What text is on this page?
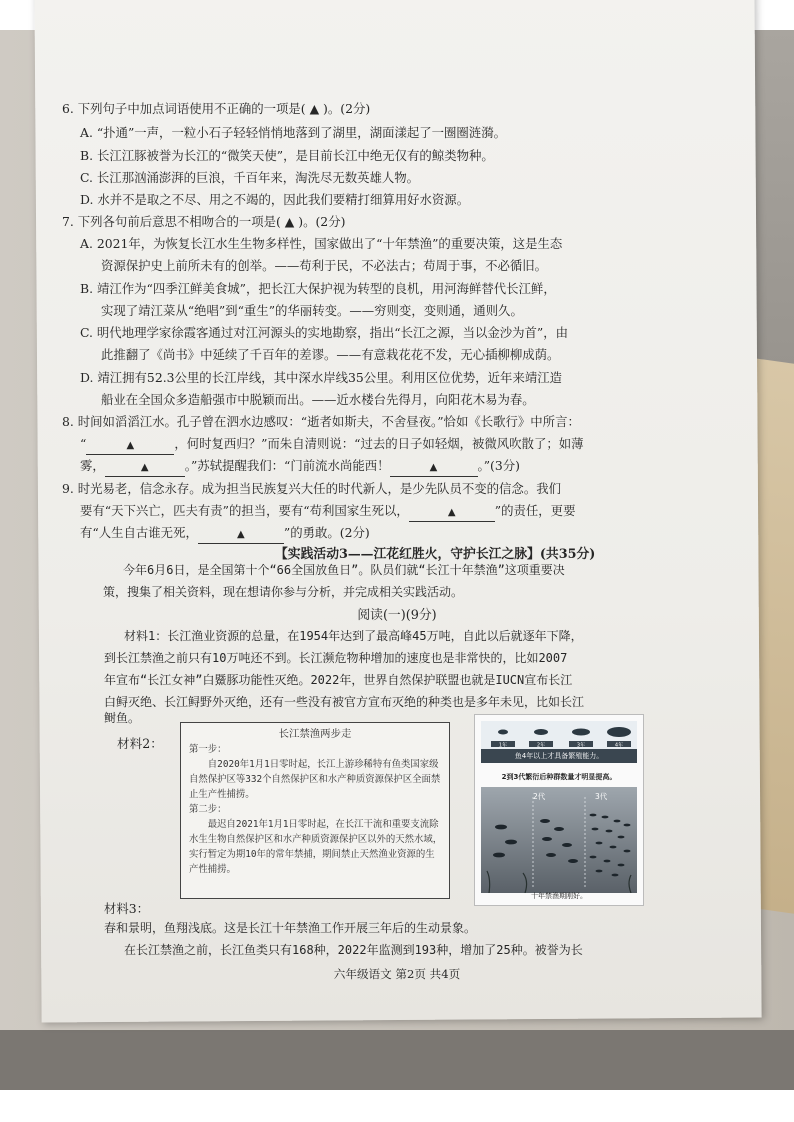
6. 下列句子中加点词语使用不正确的一项是( ▲ )。(2分)
A. “扑通”一声，一粒小石子轻轻悄悄地落到了湖里，湖面漾起了一圈圈涟漪。
B. 长江江豚被誉为长江的“微笑天使”，是目前长江中绝无仅有的鲸类物种。
C. 长江那汹涌澎湃的巨浪，千百年来，淘洗尽无数英雄人物。
D. 水并不是取之不尽、用之不竭的，因此我们要精打细算用好水资源。
7. 下列各句前后意思不相吻合的一项是( ▲ )。(2分)
A. 2021年，为恢复长江水生生物多样性，国家做出了“十年禁渔”的重要决策，这是生态
资源保护史上前所未有的创举。——苟利于民，不必法古；苟周于事，不必循旧。
B. 靖江作为“四季江鲜美食城”，把长江大保护视为转型的良机，用河海鲜替代长江鲜，
实现了靖江菜从“绝唱”到“重生”的华丽转变。——穷则变，变则通，通则久。
C. 明代地理学家徐霞客通过对江河源头的实地勘察，指出“长江之源，当以金沙为首”，由
此推翻了《尚书》中延续了千百年的差谬。——有意栽花花不发，无心插柳柳成荫。
D. 靖江拥有52.3公里的长江岸线，其中深水岸线35公里。利用区位优势，近年来靖江造
船业在全国众多造船强市中脱颖而出。——近水楼台先得月，向阳花木易为春。
8. 时间如滔滔江水。孔子曾在泗水边感叹：“逝者如斯夫，不舍昼夜。”恰如《长歌行》中所言：
“	▲	，何时复西归？”而朱自清则说：“过去的日子如轻烟，被微风吹散了；如薄
雾，	▲	。”苏轼提醒我们：“门前流水尚能西！	▲	。”(3分)
9. 时光易老，信念永存。成为担当民族复兴大任的时代新人，是少先队员不变的信念。我们
要有“天下兴亡，匹夫有责”的担当，要有“苟利国家生死以，	▲	”的责任，更要
有“人生自古谁无死，	▲	”的勇敢。(2分)
【实践活动3——江花红胜火，守护长江之脉】(共35分)
今年6月6日，是全国第十个“66全国放鱼日”。队员们就“长江十年禁渔”这项重要决
策，搜集了相关资料，现在想请你参与分析，并完成相关实践活动。
阅读(一)(9分)
材料1：长江渔业资源的总量，在1954年达到了最高峰45万吨，自此以后就逐年下降，
到长江禁渔之前只有10万吨还不到。长江濒危物种增加的速度也是非常快的，比如2007
年宣布“长江女神”白鱀豚功能性灭绝。2022年，世界自然保护联盟也就是IUCN宣布长江
白鲟灭绝、长江鲟野外灭绝，还有一些没有被官方宣布灭绝的种类也是多年未见，比如长江
鲥鱼。
材料2：
长江禁渔两步走
第一步：
自2020年1月1日零时起，长江上游珍稀特有鱼类国家级自然保护区等332个自然保护区和水产种质资源保护区全面禁止生产性捕捞。
第二步：
最迟自2021年1月1日零时起，在长江干流和重要支流除水生生物自然保护区和水产种质资源保护区以外的天然水域，实行暂定为期10年的常年禁捕，期间禁止天然渔业资源的生产性捕捞。
1年	2年	3年	4年
鱼4年以上才具备繁殖能力。
2到3代繁衍后种群数量才明显提高。
2代	3代
十年禁渔期刚好。
材料3：
春和景明，鱼翔浅底。这是长江十年禁渔工作开展三年后的生动景象。
在长江禁渔之前，长江鱼类只有168种，2022年监测到193种，增加了25种。被誉为长
六年级语文 第2页 共4页
